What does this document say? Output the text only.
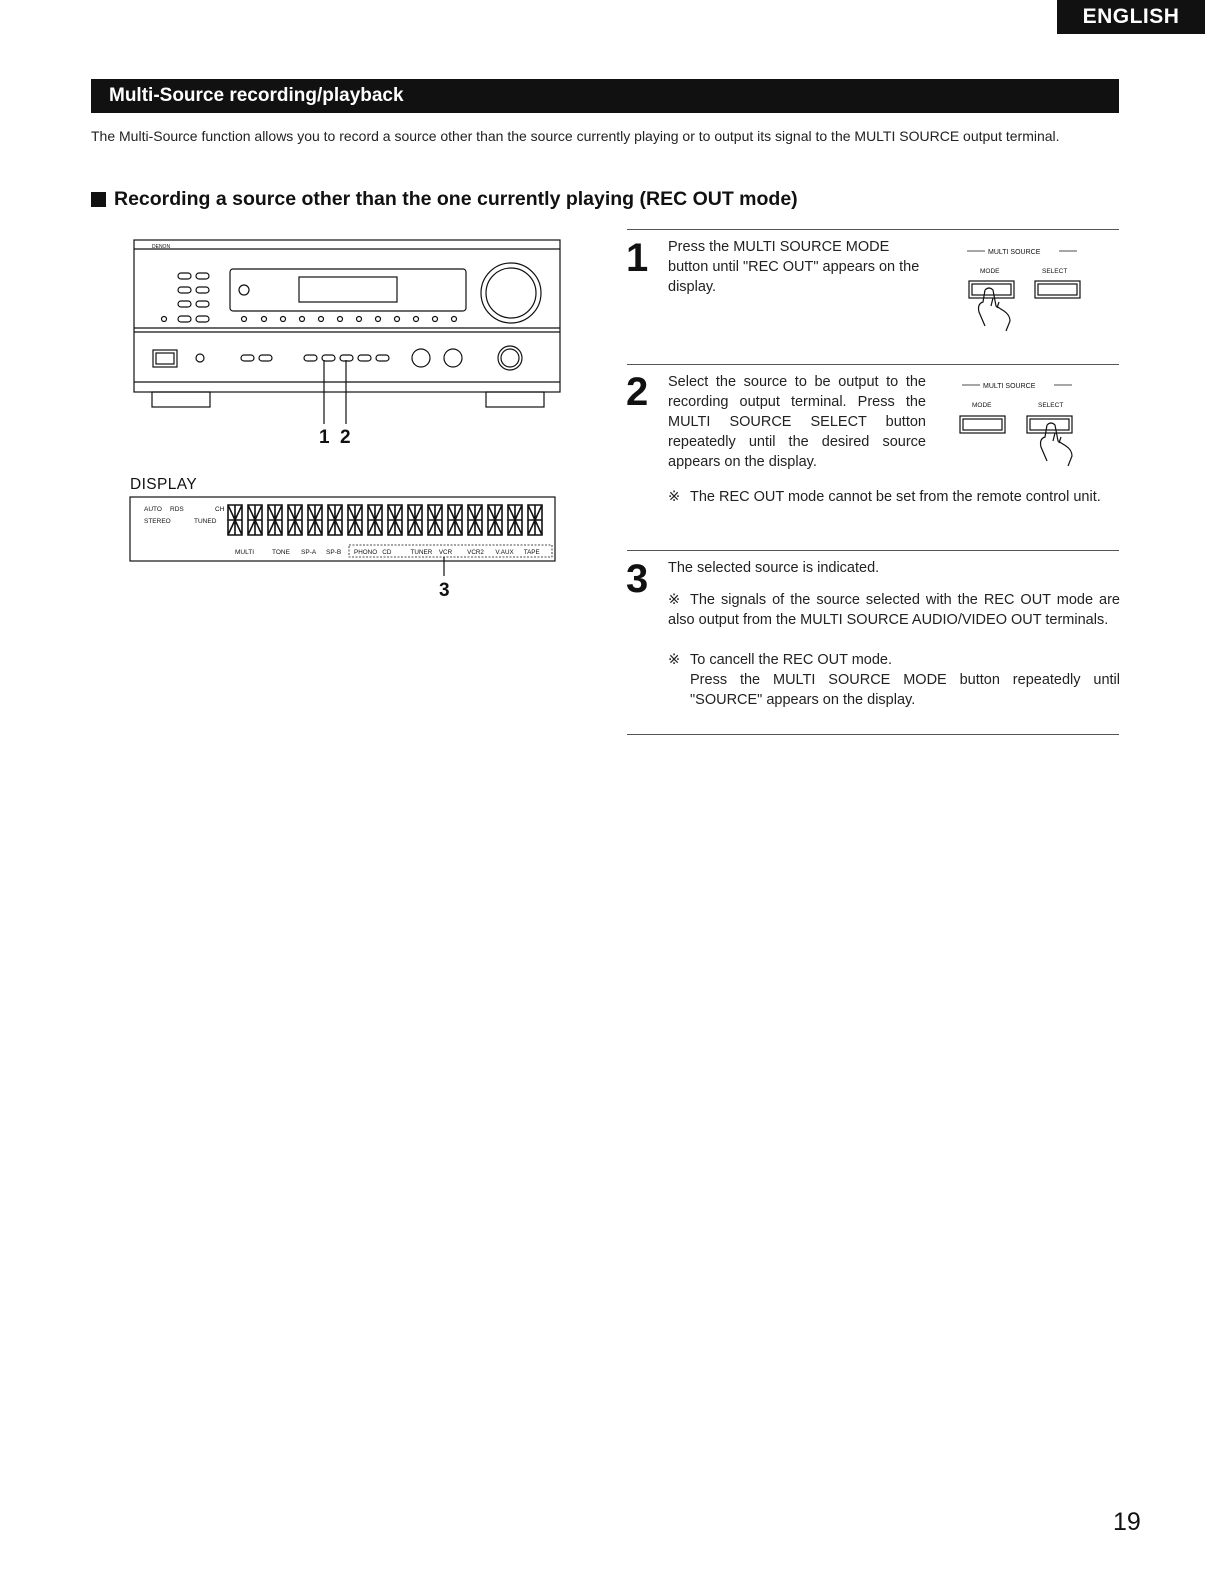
ENGLISH
Multi-Source recording/playback
The Multi-Source function allows you to record a source other than the source currently playing or to output its signal to the MULTI SOURCE output terminal.
Recording a source other than the one currently playing (REC OUT mode)
DENON
1 2
DISPLAY
AUTO RDS	CH
STEREO	TUNED
MULTI	TONE SP-A SP-B PHONO CD	TUNER VCR VCR2 V.AUX TAPE
3
1 Press the MULTI SOURCE MODE button until "REC OUT" appears on the display.
MULTI SOURCE
MODE	SELECT
2 Select the source to be output to the recording output terminal. Press the MULTI SOURCE SELECT button repeatedly until the desired source appears on the display.
MULTI SOURCE
MODE	SELECT
※ The REC OUT mode cannot be set from the remote control unit.
3 The selected source is indicated.
※ The signals of the source selected with the REC OUT mode are also output from the MULTI SOURCE AUDIO/VIDEO OUT terminals.
※ To cancell the REC OUT mode.
Press the MULTI SOURCE MODE button repeatedly until "SOURCE" appears on the display.
19
